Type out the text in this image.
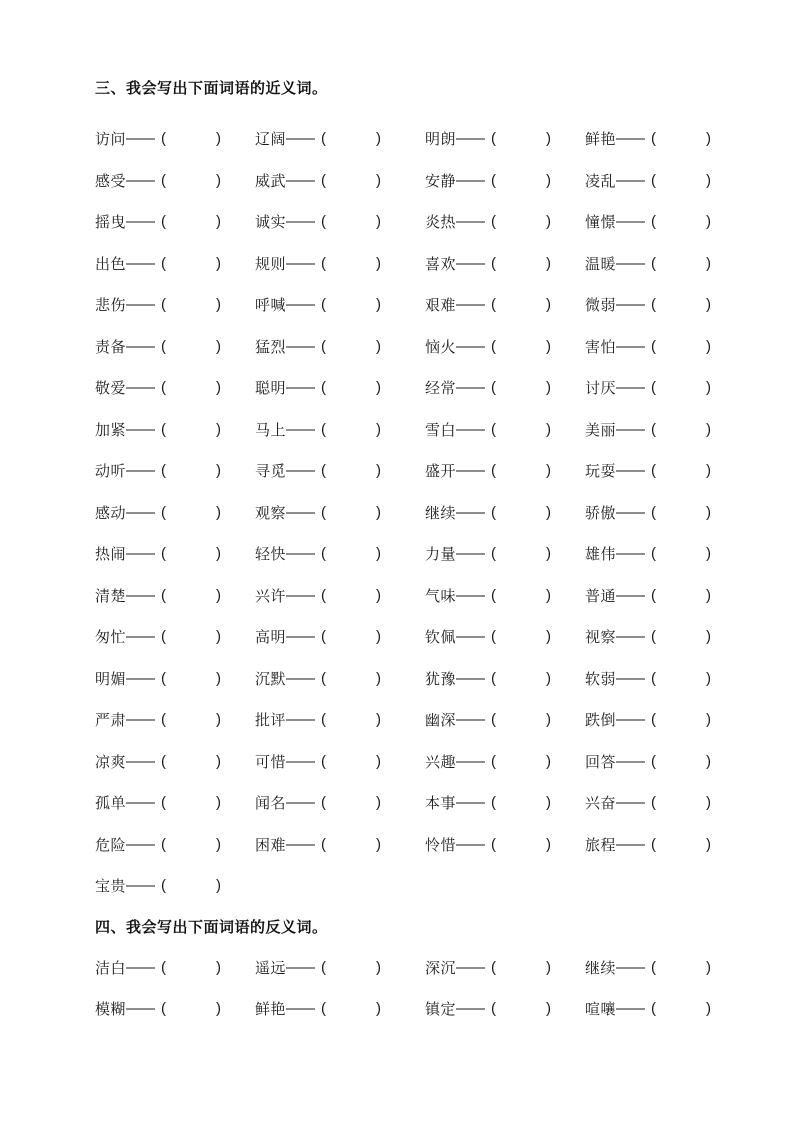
三、我会写出下面词语的近义词。
访问 —— (	) 辽阔 —— (	)	明朗 —— (	) 鲜艳 —— (	)
感受 —— (	) 威武 —— (	)	安静 —— (	) 凌乱 —— (	)
摇曳 —— (	) 诚实 —— (	)	炎热 —— (	) 憧憬 —— (	)
出色 —— (	) 规则 —— (	)	喜欢 —— (	) 温暖 —— (	)
悲伤 —— (	) 呼喊 —— (	)	艰难 —— (	) 微弱 —— (	)
责备 —— (	) 猛烈 —— (	)	恼火 —— (	) 害怕 —— (	)
敬爱 —— (	) 聪明 —— (	)	经常 —— (	) 讨厌 —— (	)
加紧 —— (	) 马上 —— (	)	雪白 —— (	) 美丽 —— (	)
动听 —— (	) 寻觅 —— (	)	盛开 —— (	) 玩耍 —— (	)
感动 —— (	) 观察 —— (	)	继续 —— (	) 骄傲 —— (	)
热闹 —— (	) 轻快 —— (	)	力量 —— (	) 雄伟 —— (	)
清楚 —— (	) 兴许 —— (	)	气味 —— (	) 普通 —— (	)
匆忙 —— (	) 高明 —— (	)	钦佩 —— (	) 视察 —— (	)
明媚 —— (	) 沉默 —— (	)	犹豫 —— (	) 软弱 —— (	)
严肃 —— (	) 批评 —— (	)	幽深 —— (	) 跌倒 —— (	)
凉爽 —— (	) 可惜 —— (	)	兴趣 —— (	) 回答 —— (	)
孤单 —— (	) 闻名 —— (	)	本事 —— (	) 兴奋 —— (	)
危险 —— (	) 困难 —— (	)	怜惜 —— (	) 旅程 —— (	)
宝贵 —— (	)
四、我会写出下面词语的反义词。
洁白 —— (	) 遥远 —— (	)	深沉 —— (	) 继续 —— (	)
模糊 —— (	) 鲜艳 —— (	)	镇定 —— (	) 喧嚷 —— (	)
